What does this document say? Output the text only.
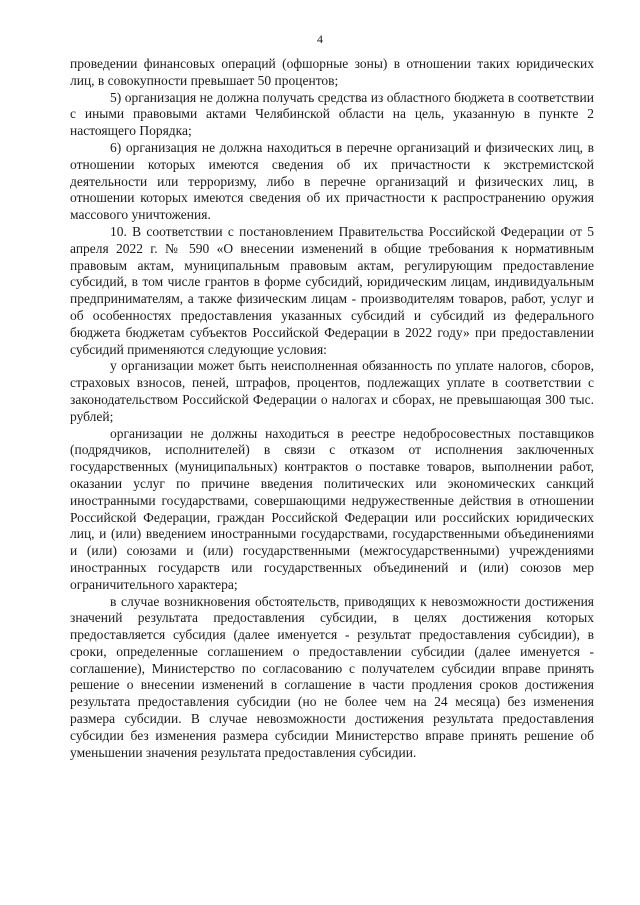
4

проведении финансовых операций (офшорные зоны) в отношении таких юридических лиц, в совокупности превышает 50 процентов;

5) организация не должна получать средства из областного бюджета в соответствии с иными правовыми актами Челябинской области на цель, указанную в пункте 2 настоящего Порядка;

6) организация не должна находиться в перечне организаций и физических лиц, в отношении которых имеются сведения об их причастности к экстремистской деятельности или терроризму, либо в перечне организаций и физических лиц, в отношении которых имеются сведения об их причастности к распространению оружия массового уничтожения.

10. В соответствии с постановлением Правительства Российской Федерации от 5 апреля 2022 г. № 590 «О внесении изменений в общие требования к нормативным правовым актам, муниципальным правовым актам, регулирующим предоставление субсидий, в том числе грантов в форме субсидий, юридическим лицам, индивидуальным предпринимателям, а также физическим лицам - производителям товаров, работ, услуг и об особенностях предоставления указанных субсидий и субсидий из федерального бюджета бюджетам субъектов Российской Федерации в 2022 году» при предоставлении субсидий применяются следующие условия:

у организации может быть неисполненная обязанность по уплате налогов, сборов, страховых взносов, пеней, штрафов, процентов, подлежащих уплате в соответствии с законодательством Российской Федерации о налогах и сборах, не превышающая 300 тыс. рублей;

организации не должны находиться в реестре недобросовестных поставщиков (подрядчиков, исполнителей) в связи с отказом от исполнения заключенных государственных (муниципальных) контрактов о поставке товаров, выполнении работ, оказании услуг по причине введения политических или экономических санкций иностранными государствами, совершающими недружественные действия в отношении Российской Федерации, граждан Российской Федерации или российских юридических лиц, и (или) введением иностранными государствами, государственными объединениями и (или) союзами и (или) государственными (межгосударственными) учреждениями иностранных государств или государственных объединений и (или) союзов мер ограничительного характера;

в случае возникновения обстоятельств, приводящих к невозможности достижения значений результата предоставления субсидии, в целях достижения которых предоставляется субсидия (далее именуется - результат предоставления субсидии), в сроки, определенные соглашением о предоставлении субсидии (далее именуется - соглашение), Министерство по согласованию с получателем субсидии вправе принять решение о внесении изменений в соглашение в части продления сроков достижения результата предоставления субсидии (но не более чем на 24 месяца) без изменения размера субсидии. В случае невозможности достижения результата предоставления субсидии без изменения размера субсидии Министерство вправе принять решение об уменьшении значения результата предоставления субсидии.
